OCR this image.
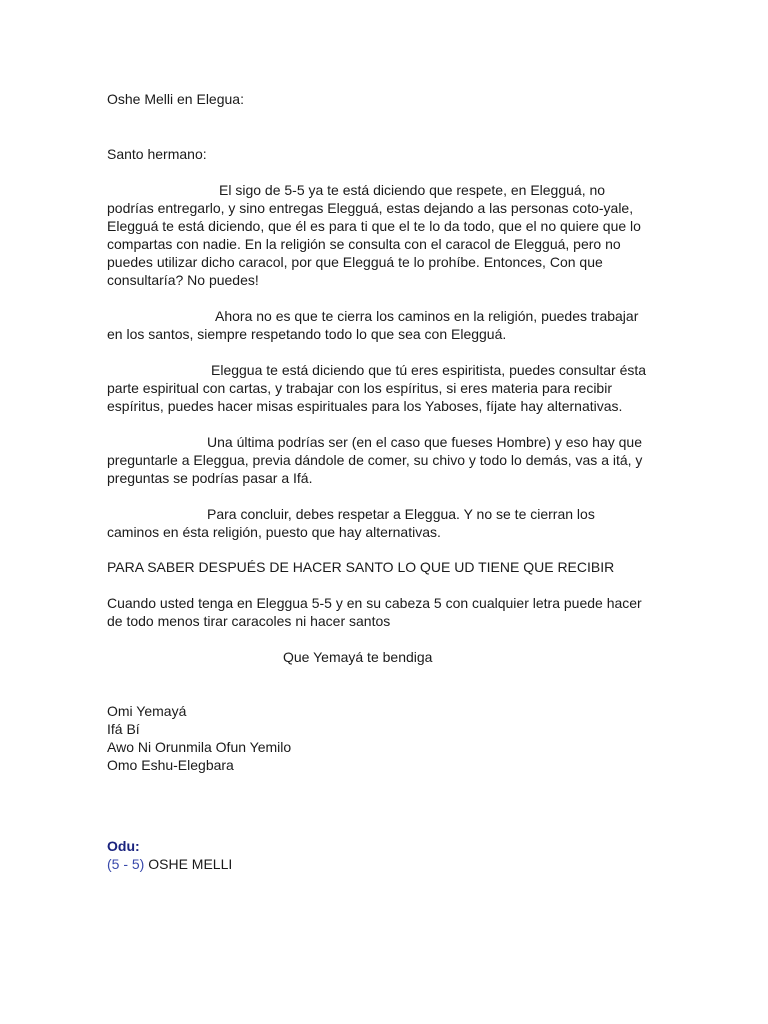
Oshe Melli en Elegua:

Santo hermano:

El sigo de 5-5 ya te está diciendo que respete, en Elegguá, no podrías entregarlo, y sino entregas Elegguá, estas dejando a las personas coto-yale, Elegguá te está diciendo, que él es para ti que el te lo da todo, que el no quiere que lo compartas con nadie. En la religión se consulta con el caracol de Elegguá, pero no puedes utilizar dicho caracol, por que Elegguá te lo prohíbe. Entonces, Con que consultaría? No puedes!

Ahora no es que te cierra los caminos en la religión, puedes trabajar en los santos, siempre respetando todo lo que sea con Elegguá.

Eleggua te está diciendo que tú eres espiritista, puedes consultar ésta parte espiritual con cartas, y trabajar con los espíritus, si eres materia para recibir espíritus, puedes hacer misas espirituales para los Yaboses, fíjate hay alternativas.

Una última podrías ser (en el caso que fueses Hombre) y eso hay que preguntarle a Eleggua, previa dándole de comer, su chivo y todo lo demás, vas a itá, y preguntas se podrías pasar a Ifá.

Para concluir, debes respetar a Eleggua. Y no se te cierran los caminos en ésta religión, puesto que hay alternativas.

PARA SABER DESPUÉS DE HACER SANTO LO QUE UD TIENE QUE RECIBIR

Cuando usted tenga en Eleggua 5-5 y en su cabeza 5 con cualquier letra puede hacer de todo menos tirar caracoles ni hacer santos

Que Yemayá te bendiga

Omi Yemayá
Ifá Bí
Awo Ni Orunmila Ofun Yemilo
Omo Eshu-Elegbara
Odu:
(5 - 5) OSHE MELLI
